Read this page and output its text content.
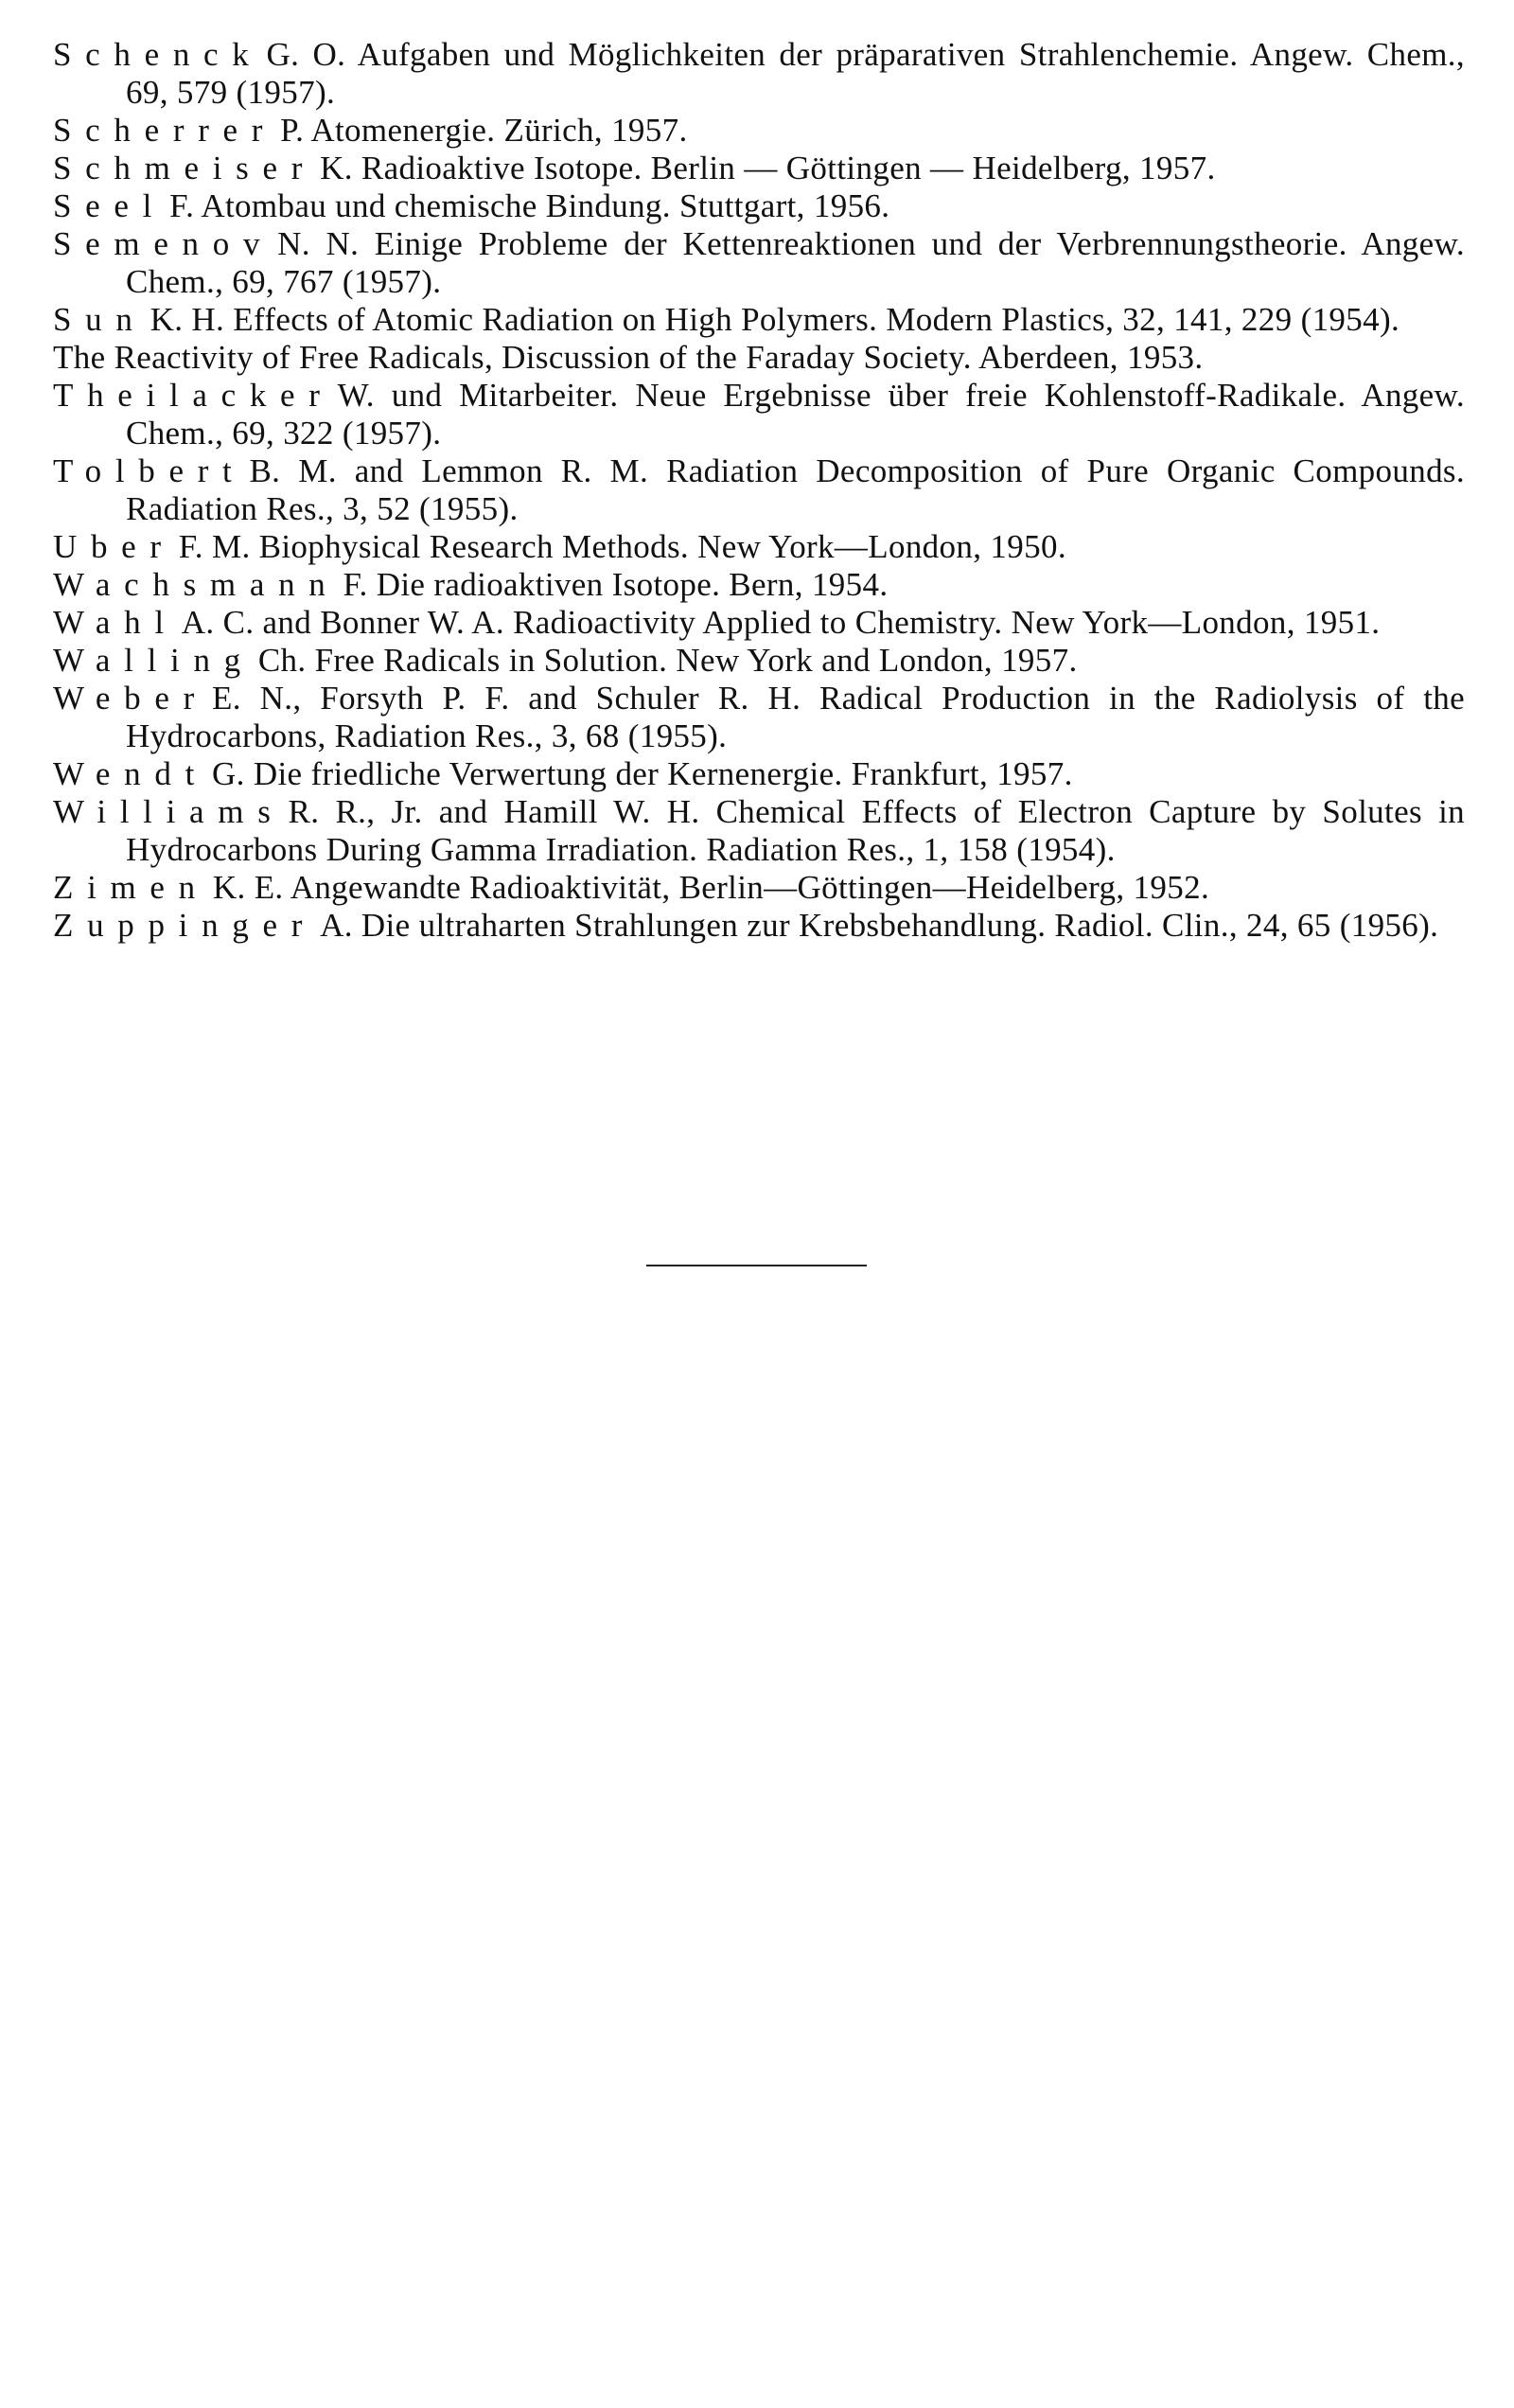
Schenck G. O. Aufgaben und Möglichkeiten der präparativen Strahlenchemie. Angew. Chem., 69, 579 (1957).

Scherrer P. Atomenergie. Zürich, 1957.

Schmeiser K. Radioaktive Isotope. Berlin — Göttingen — Heidelberg, 1957.

Seel F. Atombau und chemische Bindung. Stuttgart, 1956.

Semenov N. N. Einige Probleme der Kettenreaktionen und der Verbrennungstheorie. Angew. Chem., 69, 767 (1957).

Sun K. H. Effects of Atomic Radiation on High Polymers. Modern Plastics, 32, 141, 229 (1954).

The Reactivity of Free Radicals, Discussion of the Faraday Society. Aberdeen, 1953.

Theilacker W. und Mitarbeiter. Neue Ergebnisse über freie Kohlenstoff-Radikale. Angew. Chem., 69, 322 (1957).

Tolbert B. M. and Lemmon R. M. Radiation Decomposition of Pure Organic Compounds. Radiation Res., 3, 52 (1955).

Uber F. M. Biophysical Research Methods. New York—London, 1950.

Wachsmann F. Die radioaktiven Isotope. Bern, 1954.

Wahl A. C. and Bonner W. A. Radioactivity Applied to Chemistry. New York—London, 1951.

Walling Ch. Free Radicals in Solution. New York and London, 1957.

Weber E. N., Forsyth P. F. and Schuler R. H. Radical Production in the Radiolysis of the Hydrocarbons, Radiation Res., 3, 68 (1955).

Wendt G. Die friedliche Verwertung der Kernenergie. Frankfurt, 1957.

Williams R. R., Jr. and Hamill W. H. Chemical Effects of Electron Capture by Solutes in Hydrocarbons During Gamma Irradiation. Radiation Res., 1, 158 (1954).

Zimen K. E. Angewandte Radioaktivität, Berlin—Göttingen—Heidelberg, 1952.

Zuppinger A. Die ultraharten Strahlungen zur Krebsbehandlung. Radiol. Clin., 24, 65 (1956).
